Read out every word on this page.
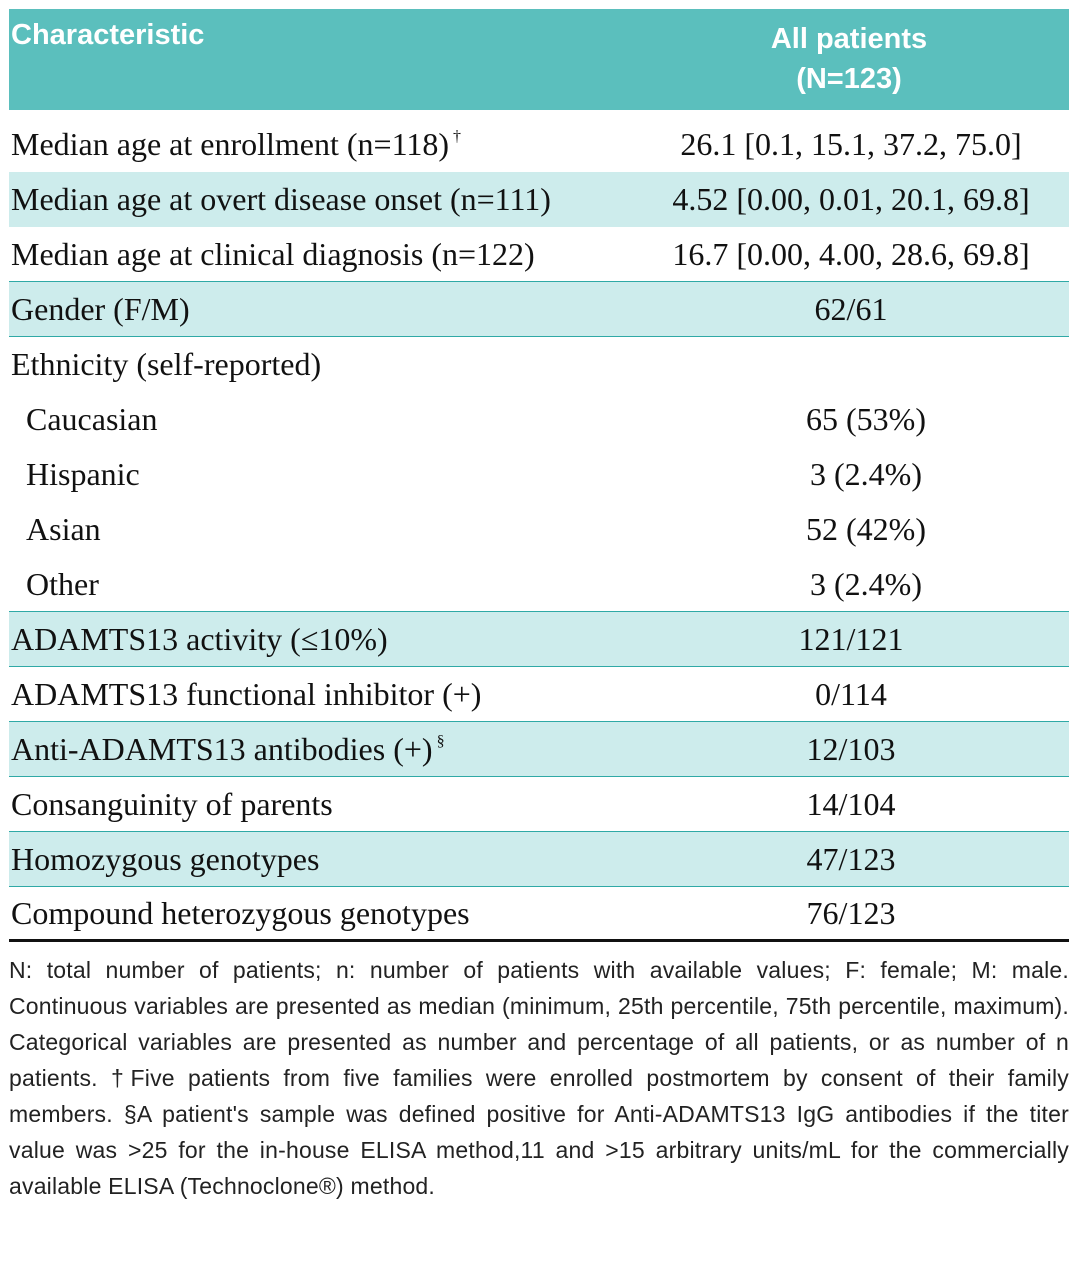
Characteristic	All patients
(N=123)
Median age at enrollment (n=118) †	26.1 [0.1, 15.1, 37.2, 75.0]
Median age at overt disease onset (n=111)	4.52 [0.00, 0.01, 20.1, 69.8]
Median age at clinical diagnosis (n=122)	16.7 [0.00, 4.00, 28.6, 69.8]
Gender (F/M)	62/61
Ethnicity (self-reported)
Caucasian	65 (53%)
Hispanic	3 (2.4%)
Asian	52 (42%)
Other	3 (2.4%)
ADAMTS13 activity (≤10%)	121/121
ADAMTS13 functional inhibitor (+)	0/114
Anti-ADAMTS13 antibodies (+) §	12/103
Consanguinity of parents	14/104
Homozygous genotypes	47/123
Compound heterozygous genotypes	76/123
N: total number of patients; n: number of patients with available values; F: female; M: male. Continuous variables are presented as median (minimum, 25th percentile, 75th percentile, maximum). Categorical variables are presented as number and percentage of all patients, or as number of n patients. †Five patients from five families were enrolled postmortem by consent of their family members. §A patient's sample was defined positive for Anti-ADAMTS13 IgG antibodies if the titer value was >25 for the in-house ELISA method,11 and >15 arbitrary units/mL for the commercially available ELISA (Technoclone®) method.
